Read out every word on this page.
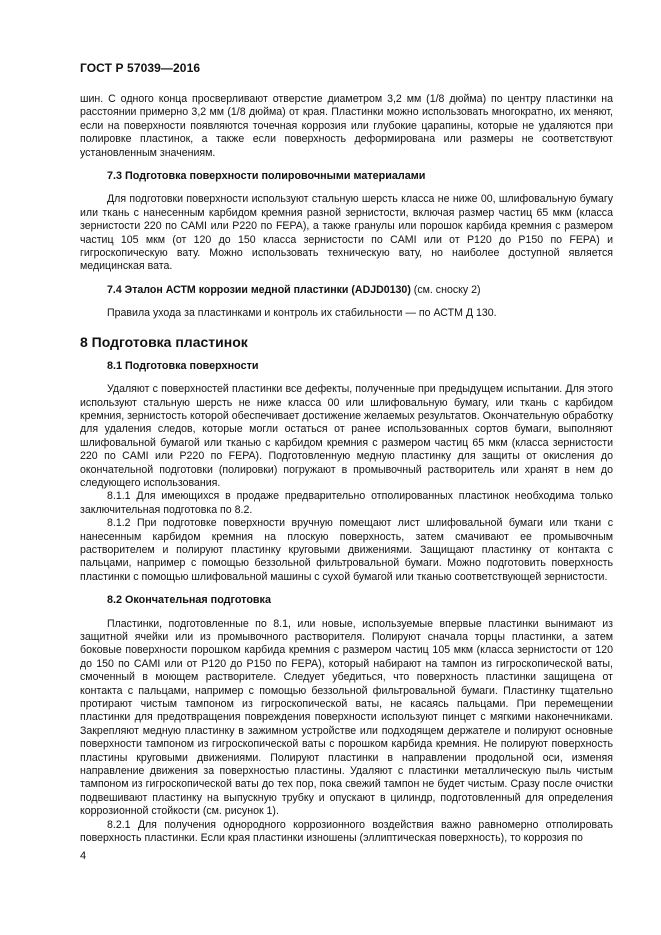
ГОСТ Р 57039—2016

шин. С одного конца просверливают отверстие диаметром 3,2 мм (1/8 дюйма) по центру пластинки на расстоянии примерно 3,2 мм (1/8 дюйма) от края. Пластинки можно использовать многократно, их меняют, если на поверхности появляются точечная коррозия или глубокие царапины, которые не удаляются при полировке пластинок, а также если поверхность деформирована или размеры не соответствуют установленным значениям.

7.3 Подготовка поверхности полировочными материалами

Для подготовки поверхности используют стальную шерсть класса не ниже 00, шлифовальную бумагу или ткань с нанесенным карбидом кремния разной зернистости, включая размер частиц 65 мкм (класса зернистости 220 по CAMI или P220 по FEPA), а также гранулы или порошок карбида кремния с размером частиц 105 мкм (от 120 до 150 класса зернистости по CAMI или от P120 до P150 по FEPA) и гигроскопическую вату. Можно использовать техническую вату, но наиболее доступной является медицинская вата.

7.4 Эталон АСТМ коррозии медной пластинки (ADJD0130) (см. сноску 2)

Правила ухода за пластинками и контроль их стабильности — по АСТМ Д 130.

8 Подготовка пластинок
8.1 Подготовка поверхности

Удаляют с поверхностей пластинки все дефекты, полученные при предыдущем испытании. Для этого используют стальную шерсть не ниже класса 00 или шлифовальную бумагу, или ткань с карбидом кремния, зернистость которой обеспечивает достижение желаемых результатов. Окончательную обработку для удаления следов, которые могли остаться от ранее использованных сортов бумаги, выполняют шлифовальной бумагой или тканью с карбидом кремния с размером частиц 65 мкм (класса зернистости 220 по CAMI или P220 по FEPA). Подготовленную медную пластинку для защиты от окисления до окончательной подготовки (полировки) погружают в промывочный растворитель или хранят в нем до следующего использования.

8.1.1 Для имеющихся в продаже предварительно отполированных пластинок необходима только заключительная подготовка по 8.2.

8.1.2 При подготовке поверхности вручную помещают лист шлифовальной бумаги или ткани с нанесенным карбидом кремния на плоскую поверхность, затем смачивают ее промывочным растворителем и полируют пластинку круговыми движениями. Защищают пластинку от контакта с пальцами, например с помощью беззольной фильтровальной бумаги. Можно подготовить поверхность пластинки с помощью шлифовальной машины с сухой бумагой или тканью соответствующей зернистости.

8.2 Окончательная подготовка

Пластинки, подготовленные по 8.1, или новые, используемые впервые пластинки вынимают из защитной ячейки или из промывочного растворителя. Полируют сначала торцы пластинки, а затем боковые поверхности порошком карбида кремния с размером частиц 105 мкм (класса зернистости от 120 до 150 по CAMI или от P120 до P150 по FEPA), который набирают на тампон из гигроскопической ваты, смоченный в моющем растворителе. Следует убедиться, что поверхность пластинки защищена от контакта с пальцами, например с помощью беззольной фильтровальной бумаги. Пластинку тщательно протирают чистым тампоном из гигроскопической ваты, не касаясь пальцами. При перемещении пластинки для предотвращения повреждения поверхности используют пинцет с мягкими наконечниками. Закрепляют медную пластинку в зажимном устройстве или подходящем держателе и полируют основные поверхности тампоном из гигроскопической ваты с порошком карбида кремния. Не полируют поверхность пластины круговыми движениями. Полируют пластинки в направлении продольной оси, изменяя направление движения за поверхностью пластины. Удаляют с пластинки металлическую пыль чистым тампоном из гигроскопической ваты до тех пор, пока свежий тампон не будет чистым. Сразу после очистки подвешивают пластинку на выпускную трубку и опускают в цилиндр, подготовленный для определения коррозионной стойкости (см. рисунок 1).

8.2.1 Для получения однородного коррозионного воздействия важно равномерно отполировать поверхность пластинки. Если края пластинки изношены (эллиптическая поверхность), то коррозия по

4
